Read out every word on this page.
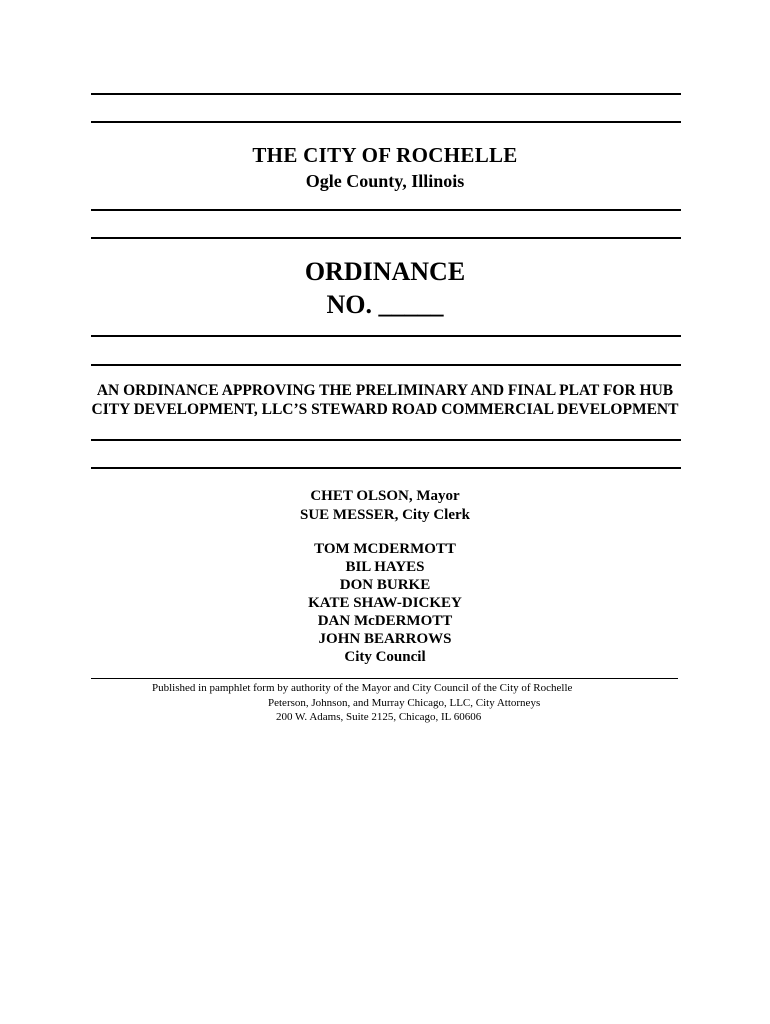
THE CITY OF ROCHELLE
Ogle County, Illinois
ORDINANCE
NO. _____
AN ORDINANCE APPROVING THE PRELIMINARY AND FINAL PLAT FOR HUB
CITY DEVELOPMENT, LLC’S STEWARD ROAD COMMERCIAL DEVELOPMENT
CHET OLSON, Mayor
SUE MESSER, City Clerk
TOM MCDERMOTT
BIL HAYES
DON BURKE
KATE SHAW-DICKEY
DAN McDERMOTT
JOHN BEARROWS
City Council
Published in pamphlet form by authority of the Mayor and City Council of the City of Rochelle
Peterson, Johnson, and Murray Chicago, LLC, City Attorneys
200 W. Adams, Suite 2125, Chicago, IL 60606
